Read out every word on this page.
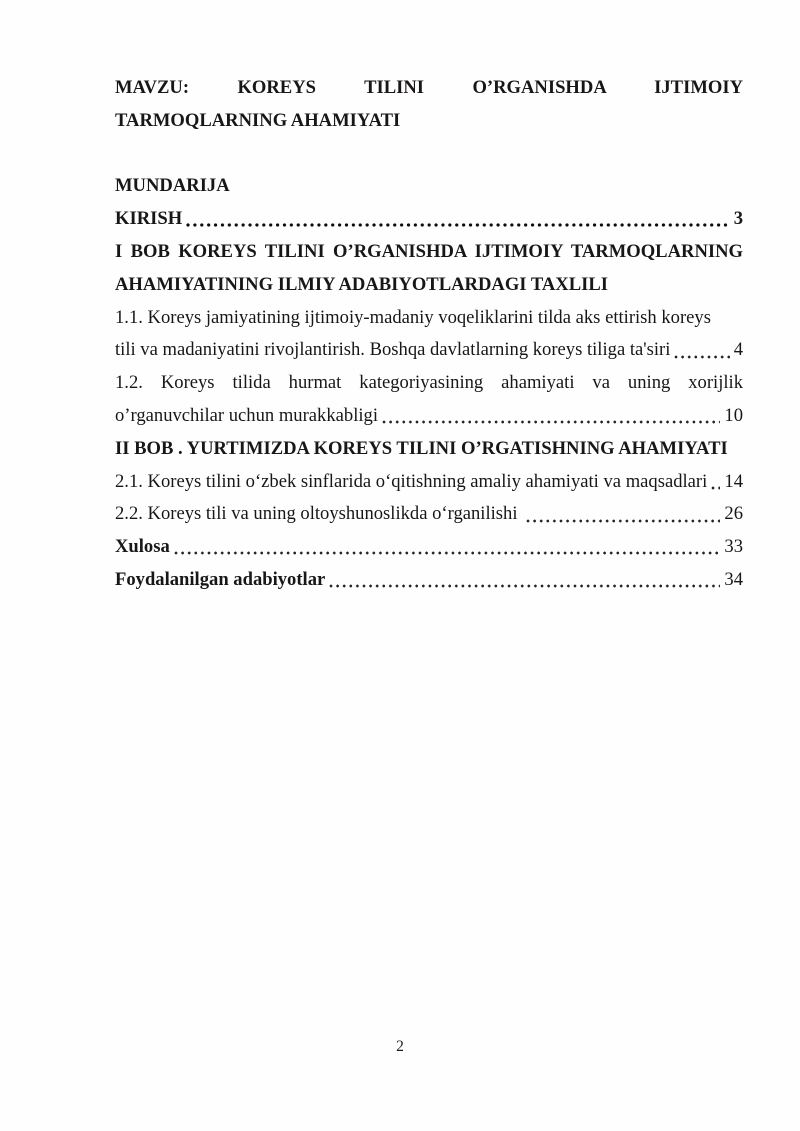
MAVZU: KOREYS TILINI O’RGANISHDA IJTIMOIY
TARMOQLARNING AHAMIYATI
MUNDARIJA
KIRISH	3
I BOB KOREYS TILINI O’RGANISHDA IJTIMOIY TARMOQLARNING
AHAMIYATINING ILMIY ADABIYOTLARDAGI TAXLILI
1.1. Koreys jamiyatining ijtimoiy-madaniy voqeliklarini tilda aks ettirish koreys
tili va madaniyatini rivojlantirish. Boshqa davlatlarning koreys tiliga ta'siri	4
1.2. Koreys tilida hurmat kategoriyasining ahamiyati va uning xorijlik
o’rganuvchilar uchun murakkabligi	10
II BOB . YURTIMIZDA KOREYS TILINI O’RGATISHNING AHAMIYATI
2.1. Koreys tilini oʻzbek sinflarida oʻqitishning amaliy ahamiyati va maqsadlari 14
2.2. Koreys tili va uning oltoyshunoslikda oʻrganilishi	26
Xulosa	33
Foydalanilgan adabiyotlar	34
2
